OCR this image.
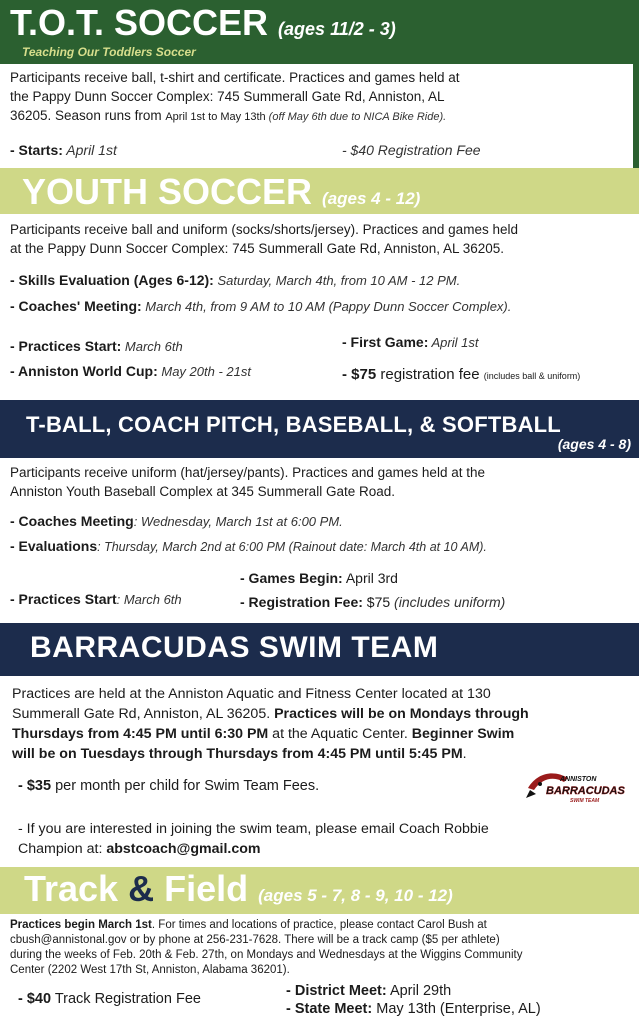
T.O.T. SOCCER (ages 11/2 - 3)
Teaching Our Toddlers Soccer
Participants receive ball, t-shirt and certificate. Practices and games held at
the Pappy Dunn Soccer Complex: 745 Summerall Gate Rd, Anniston, AL
36205. Season runs from April 1st to May 13th (off May 6th due to NICA Bike Ride).
- Starts: April 1st	- $40 Registration Fee
YOUTH SOCCER (ages 4 - 12)
Participants receive ball and uniform (socks/shorts/jersey). Practices and games held
at the Pappy Dunn Soccer Complex: 745 Summerall Gate Rd, Anniston, AL 36205.
- Skills Evaluation (Ages 6-12): Saturday, March 4th, from 10 AM - 12 PM.
- Coaches' Meeting: March 4th, from 9 AM to 10 AM (Pappy Dunn Soccer Complex).
- Practices Start: March 6th
- Anniston World Cup: May 20th - 21st
- First Game: April 1st
- $75 registration fee (includes ball & uniform)
T-BALL, COACH PITCH, BASEBALL, & SOFTBALL
(ages 4 - 8)
Participants receive uniform (hat/jersey/pants). Practices and games held at the
Anniston Youth Baseball Complex at 345 Summerall Gate Road.
- Coaches Meeting: Wednesday, March 1st at 6:00 PM.
- Evaluations: Thursday, March 2nd at 6:00 PM (Rainout date: March 4th at 10 AM).
- Practices Start: March 6th
- Games Begin: April 3rd
- Registration Fee: $75 (includes uniform)
BARRACUDAS SWIM TEAM
Practices are held at the Anniston Aquatic and Fitness Center located at 130
Summerall Gate Rd, Anniston, AL 36205. Practices will be on Mondays through
Thursdays from 4:45 PM until 6:30 PM at the Aquatic Center. Beginner Swim
will be on Tuesdays through Thursdays from 4:45 PM until 5:45 PM.
- $35 per month per child for Swim Team Fees.
- If you are interested in joining the swim team, please email Coach Robbie
Champion at: abstcoach@gmail.com
ANNISTON
BARRACUDAS
SWIM TEAM
Track & Field (ages 5 - 7, 8 - 9, 10 - 12)
Practices begin March 1st. For times and locations of practice, please contact Carol Bush at
cbush@annistonal.gov or by phone at 256-231-7628. There will be a track camp ($5 per athlete)
during the weeks of Feb. 20th & Feb. 27th, on Mondays and Wednesdays at the Wiggins Community
Center (2202 West 17th St, Anniston, Alabama 36201).
- $40 Track Registration Fee	- District Meet: April 29th
- State Meet: May 13th (Enterprise, AL)
